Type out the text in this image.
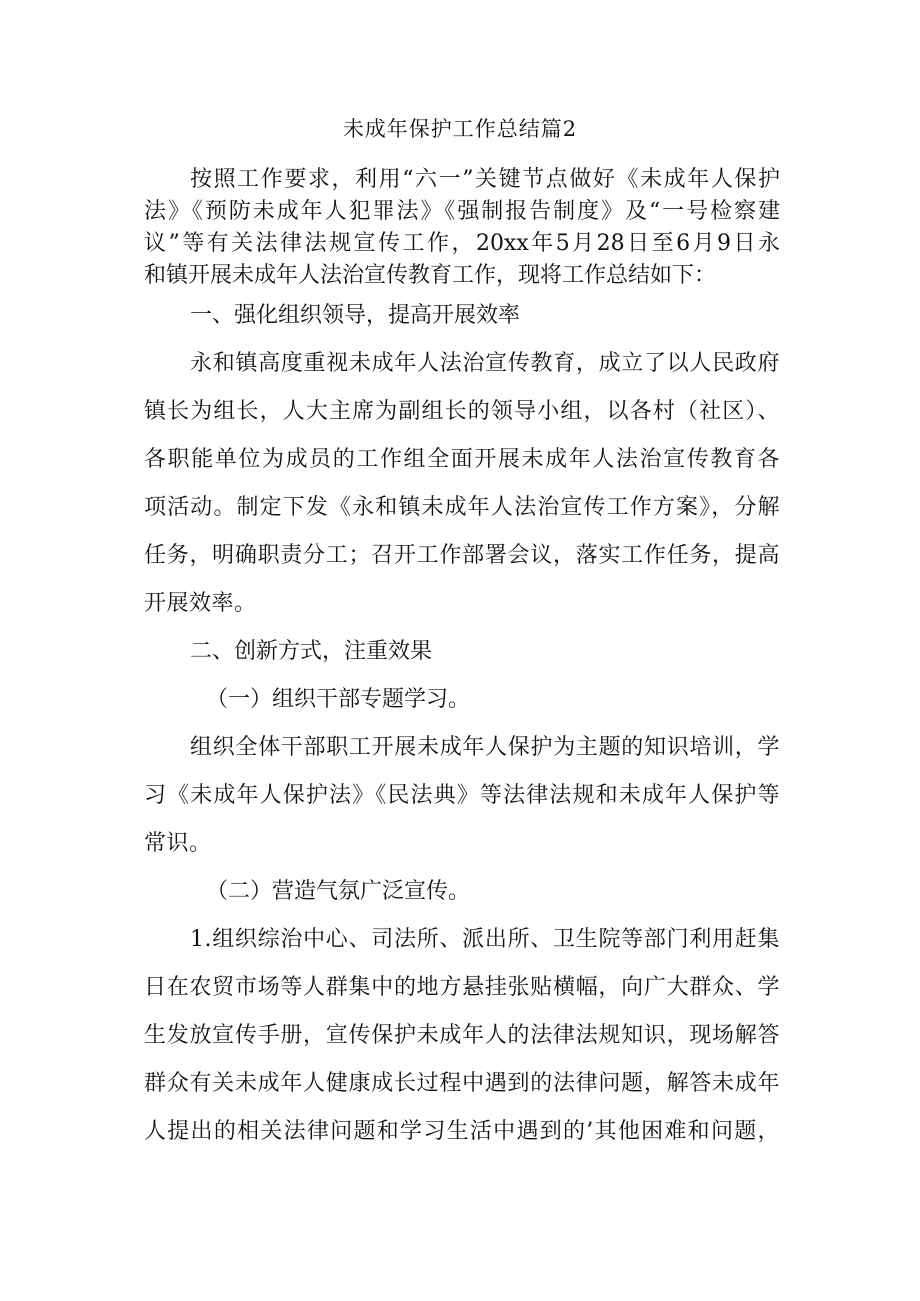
未成年保护工作总结篇2
按照工作要求，利用“六一”关键节点做好《未成年人保护
法》《预防未成年人犯罪法》《强制报告制度》及“一号检察建
议”等有关法律法规宣传工作，20xx年5月28日至6月9日永
和镇开展未成年人法治宣传教育工作，现将工作总结如下：
一、强化组织领导，提高开展效率
永和镇高度重视未成年人法治宣传教育，成立了以人民政府
镇长为组长，人大主席为副组长的领导小组，以各村（社区）、
各职能单位为成员的工作组全面开展未成年人法治宣传教育各
项活动。制定下发《永和镇未成年人法治宣传工作方案》，分解
任务，明确职责分工；召开工作部署会议，落实工作任务，提高
开展效率。
二、创新方式，注重效果
（一）组织干部专题学习。
组织全体干部职工开展未成年人保护为主题的知识培训，学
习《未成年人保护法》《民法典》等法律法规和未成年人保护等
常识。
（二）营造气氛广泛宣传。
1.组织综治中心、司法所、派出所、卫生院等部门利用赶集
日在农贸市场等人群集中的地方悬挂张贴横幅，向广大群众、学
生发放宣传手册，宣传保护未成年人的法律法规知识，现场解答
群众有关未成年人健康成长过程中遇到的法律问题，解答未成年
人提出的相关法律问题和学习生活中遇到的’其他困难和问题，
